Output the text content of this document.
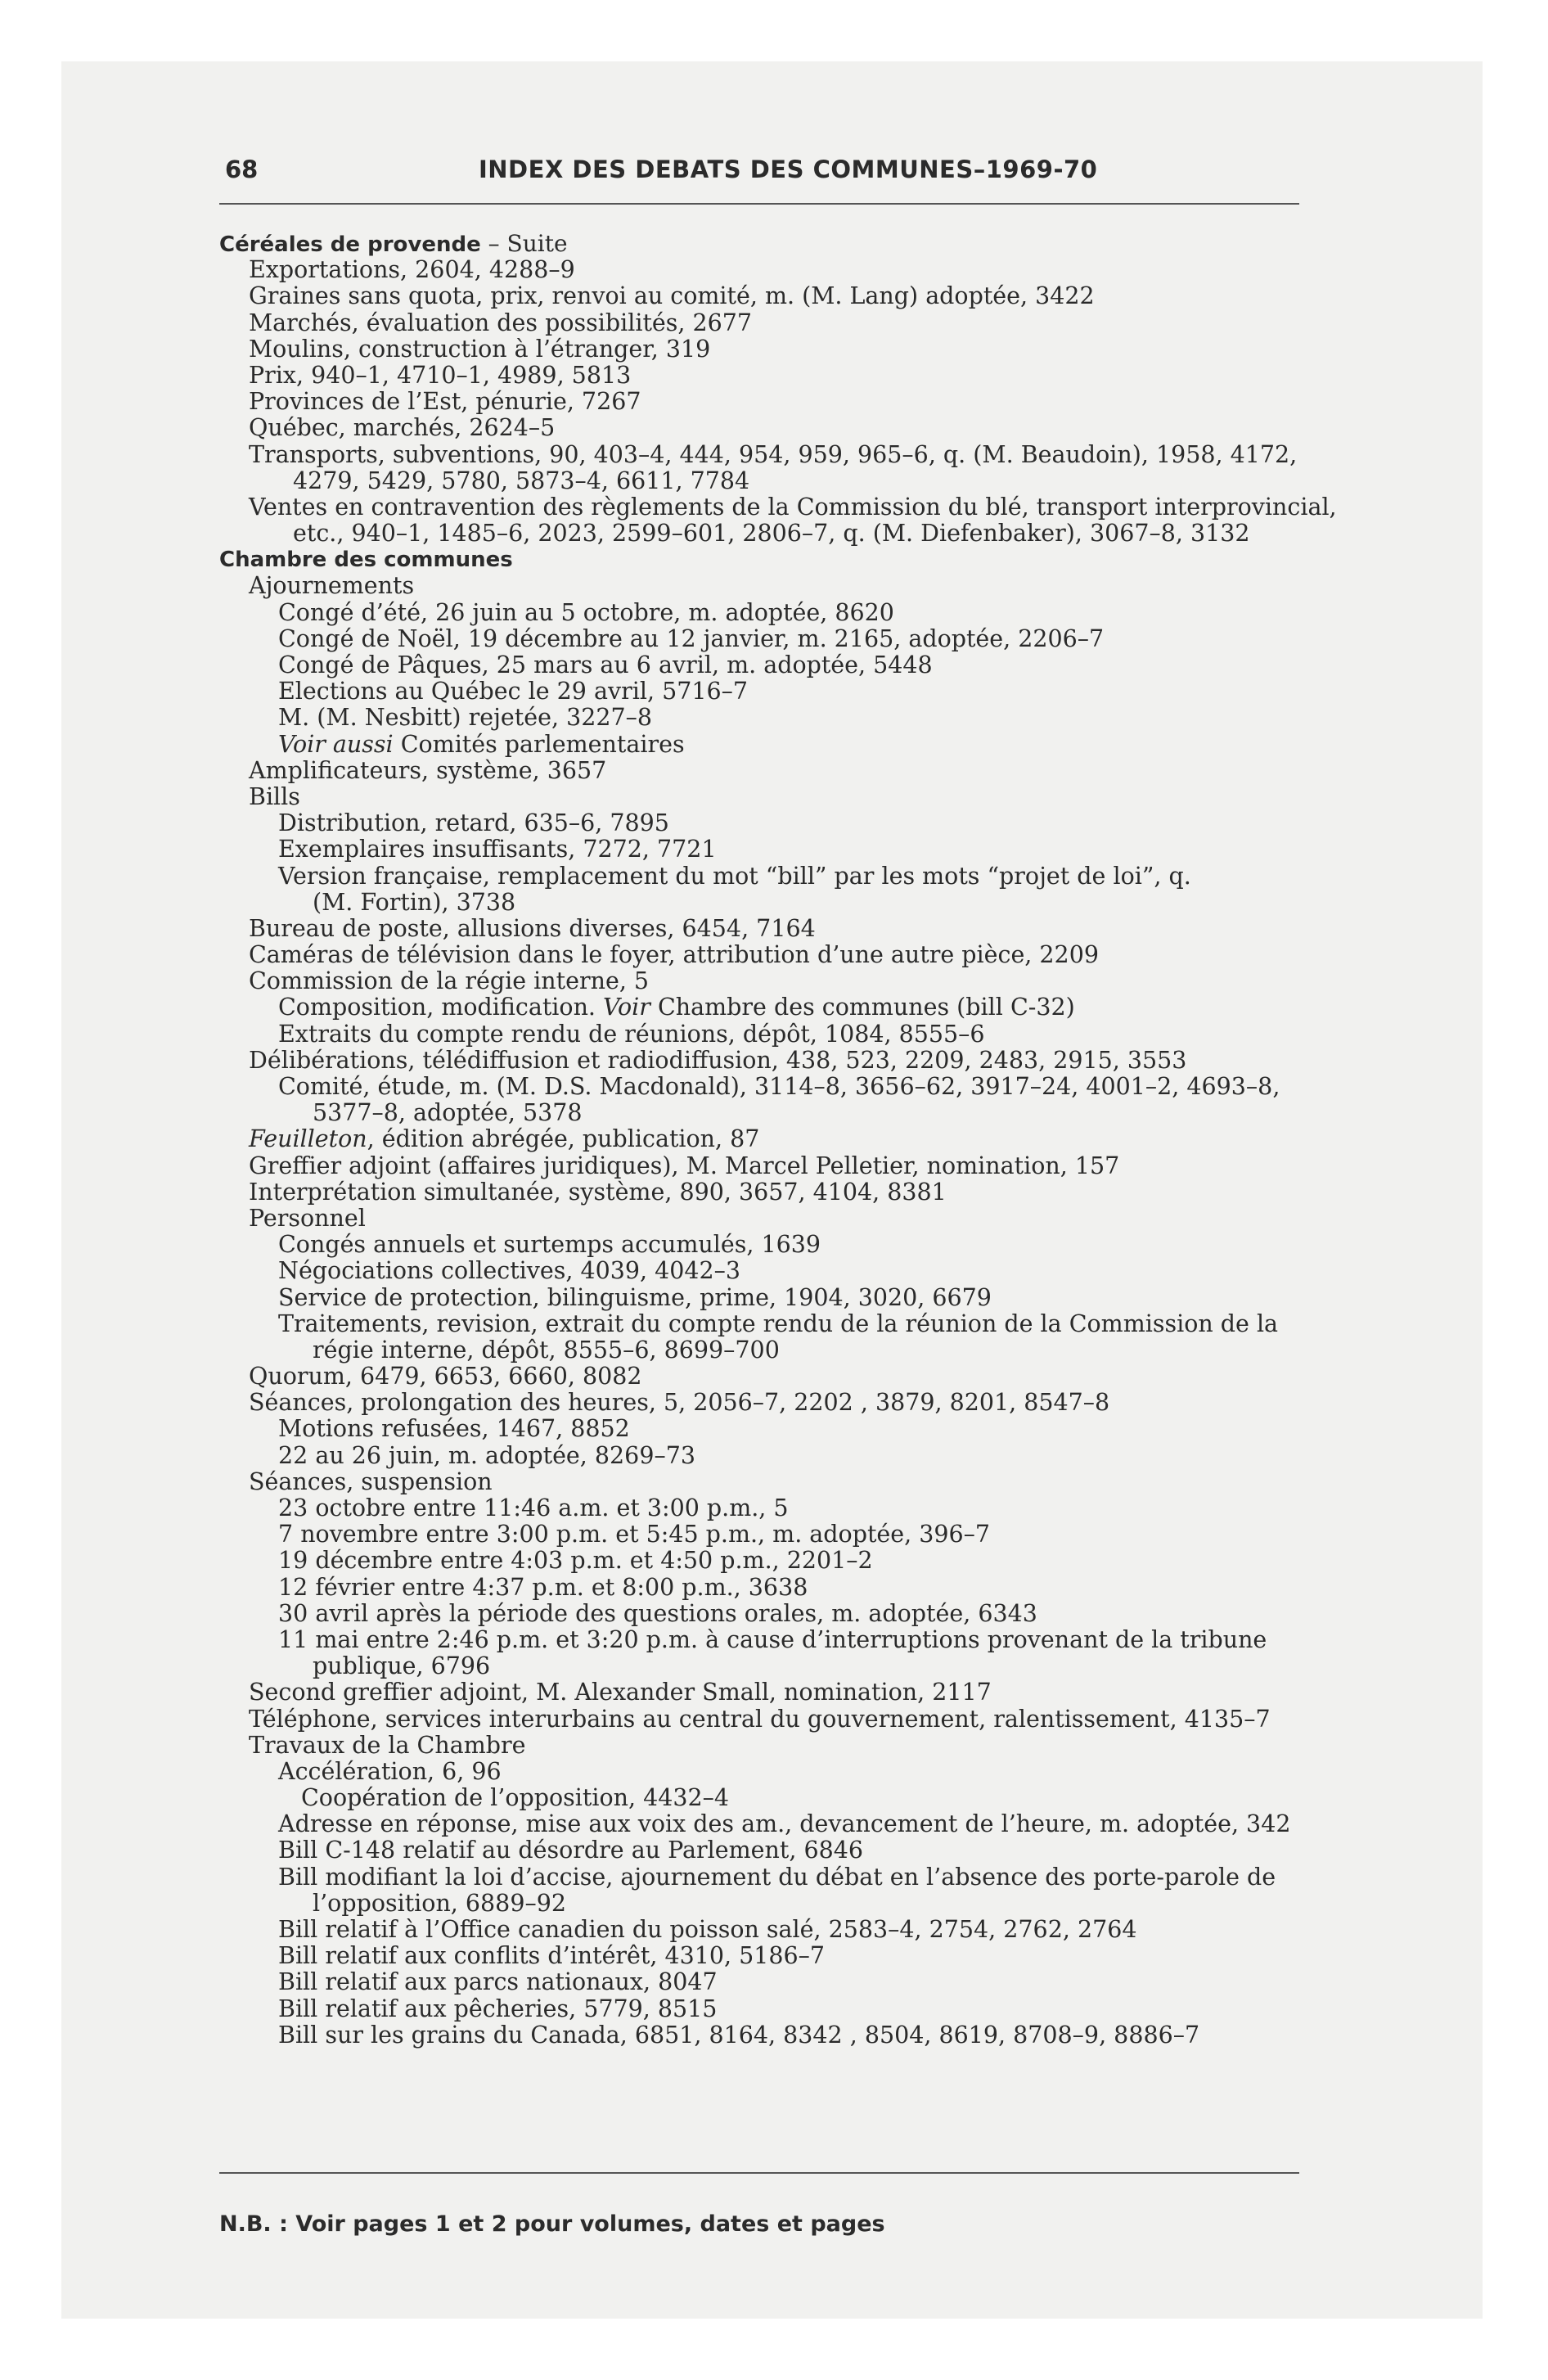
68	INDEX DES DEBATS DES COMMUNES–1969-70
Céréales de provende – Suite
Exportations, 2604, 4288–9
Graines sans quota, prix, renvoi au comité, m. (M. Lang) adoptée, 3422
Marchés, évaluation des possibilités, 2677
Moulins, construction à l’étranger, 319
Prix, 940–1, 4710–1, 4989, 5813
Provinces de l’Est, pénurie, 7267
Québec, marchés, 2624–5
Transports, subventions, 90, 403–4, 444, 954, 959, 965–6, q. (M. Beaudoin), 1958, 4172,
4279, 5429, 5780, 5873–4, 6611, 7784
Ventes en contravention des règlements de la Commission du blé, transport interprovincial,
etc., 940–1, 1485–6, 2023, 2599–601, 2806–7, q. (M. Diefenbaker), 3067–8, 3132
Chambre des communes
Ajournements
Congé d’été, 26 juin au 5 octobre, m. adoptée, 8620
Congé de Noël, 19 décembre au 12 janvier, m. 2165, adoptée, 2206–7
Congé de Pâques, 25 mars au 6 avril, m. adoptée, 5448
Elections au Québec le 29 avril, 5716–7
M. (M. Nesbitt) rejetée, 3227–8
Voir aussi Comités parlementaires
Amplificateurs, système, 3657
Bills
Distribution, retard, 635–6, 7895
Exemplaires insuffisants, 7272, 7721
Version française, remplacement du mot “bill” par les mots “projet de loi”, q.
(M. Fortin), 3738
Bureau de poste, allusions diverses, 6454, 7164
Caméras de télévision dans le foyer, attribution d’une autre pièce, 2209
Commission de la régie interne, 5
Composition, modification. Voir Chambre des communes (bill C-32)
Extraits du compte rendu de réunions, dépôt, 1084, 8555–6
Délibérations, télédiffusion et radiodiffusion, 438, 523, 2209, 2483, 2915, 3553
Comité, étude, m. (M. D.S. Macdonald), 3114–8, 3656–62, 3917–24, 4001–2, 4693–8,
5377–8, adoptée, 5378
Feuilleton, édition abrégée, publication, 87
Greffier adjoint (affaires juridiques), M. Marcel Pelletier, nomination, 157
Interprétation simultanée, système, 890, 3657, 4104, 8381
Personnel
Congés annuels et surtemps accumulés, 1639
Négociations collectives, 4039, 4042–3
Service de protection, bilinguisme, prime, 1904, 3020, 6679
Traitements, revision, extrait du compte rendu de la réunion de la Commission de la
régie interne, dépôt, 8555–6, 8699–700
Quorum, 6479, 6653, 6660, 8082
Séances, prolongation des heures, 5, 2056–7, 2202 , 3879, 8201, 8547–8
Motions refusées, 1467, 8852
22 au 26 juin, m. adoptée, 8269–73
Séances, suspension
23 octobre entre 11:46 a.m. et 3:00 p.m., 5
7 novembre entre 3:00 p.m. et 5:45 p.m., m. adoptée, 396–7
19 décembre entre 4:03 p.m. et 4:50 p.m., 2201–2
12 février entre 4:37 p.m. et 8:00 p.m., 3638
30 avril après la période des questions orales, m. adoptée, 6343
11 mai entre 2:46 p.m. et 3:20 p.m. à cause d’interruptions provenant de la tribune
publique, 6796
Second greffier adjoint, M. Alexander Small, nomination, 2117
Téléphone, services interurbains au central du gouvernement, ralentissement, 4135–7
Travaux de la Chambre
Accélération, 6, 96
Coopération de l’opposition, 4432–4
Adresse en réponse, mise aux voix des am., devancement de l’heure, m. adoptée, 342
Bill C-148 relatif au désordre au Parlement, 6846
Bill modifiant la loi d’accise, ajournement du débat en l’absence des porte-parole de
l’opposition, 6889–92
Bill relatif à l’Office canadien du poisson salé, 2583–4, 2754, 2762, 2764
Bill relatif aux conflits d’intérêt, 4310, 5186–7
Bill relatif aux parcs nationaux, 8047
Bill relatif aux pêcheries, 5779, 8515
Bill sur les grains du Canada, 6851, 8164, 8342 , 8504, 8619, 8708–9, 8886–7
N.B. : Voir pages 1 et 2 pour volumes, dates et pages
